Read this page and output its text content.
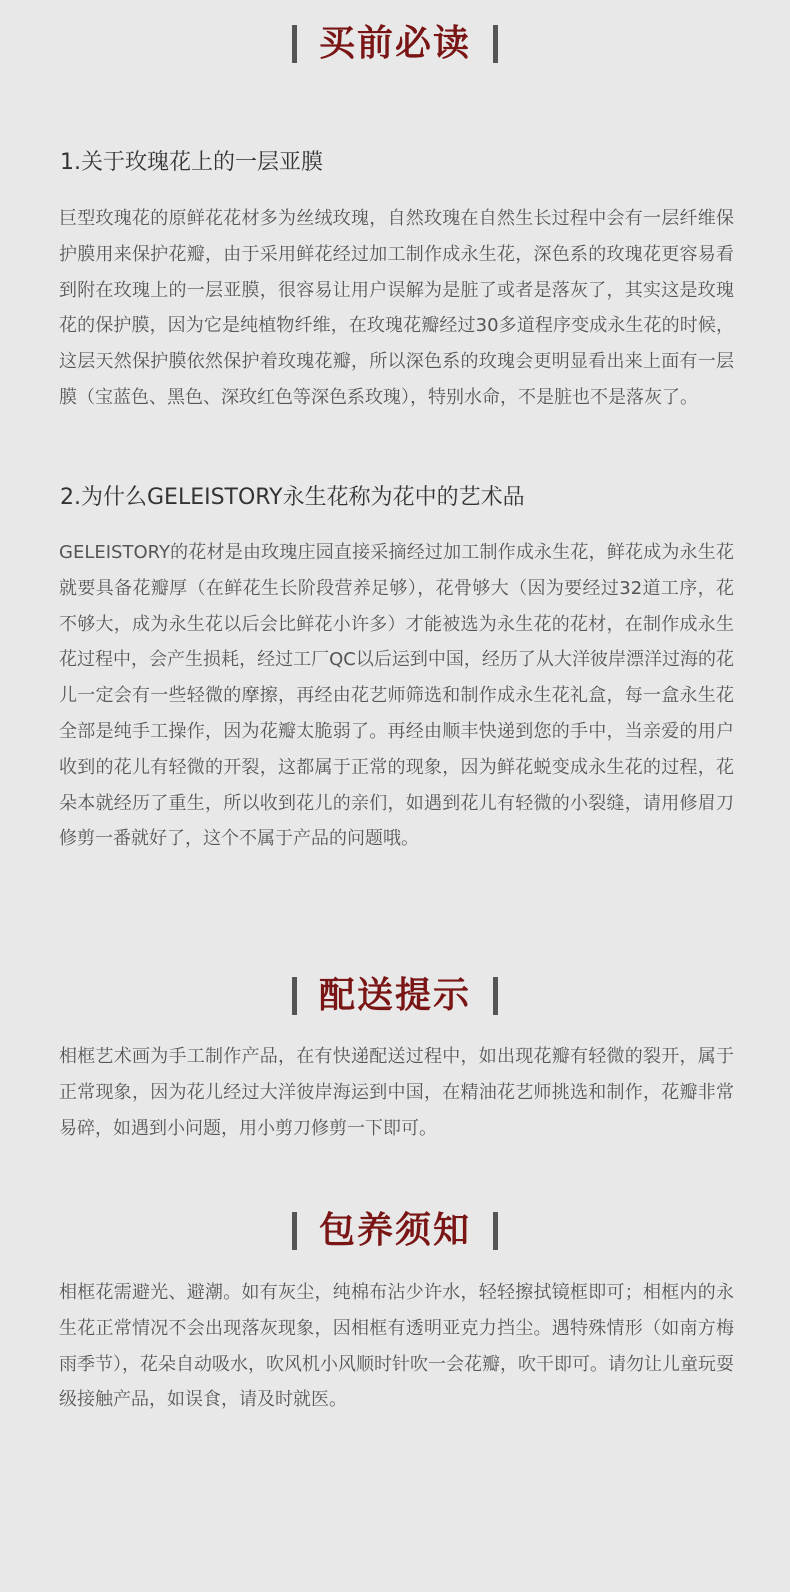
买前必读
1.关于玫瑰花上的一层亚膜

巨型玫瑰花的原鲜花花材多为丝绒玫瑰，自然玫瑰在自然生长过程中会有一层纤维保护膜用来保护花瓣，由于采用鲜花经过加工制作成永生花，深色系的玫瑰花更容易看到附在玫瑰上的一层亚膜，很容易让用户误解为是脏了或者是落灰了，其实这是玫瑰花的保护膜，因为它是纯植物纤维，在玫瑰花瓣经过30多道程序变成永生花的时候，这层天然保护膜依然保护着玫瑰花瓣，所以深色系的玫瑰会更明显看出来上面有一层膜（宝蓝色、黑色、深玫红色等深色系玫瑰），特别水命，不是脏也不是落灰了。

2.为什么GELEISTORY永生花称为花中的艺术品

GELEISTORY的花材是由玫瑰庄园直接采摘经过加工制作成永生花，鲜花成为永生花就要具备花瓣厚（在鲜花生长阶段营养足够），花骨够大（因为要经过32道工序，花不够大，成为永生花以后会比鲜花小许多）才能被选为永生花的花材，在制作成永生花过程中，会产生损耗，经过工厂QC以后运到中国，经历了从大洋彼岸漂洋过海的花儿一定会有一些轻微的摩擦，再经由花艺师筛选和制作成永生花礼盒，每一盒永生花全部是纯手工操作，因为花瓣太脆弱了。再经由顺丰快递到您的手中，当亲爱的用户收到的花儿有轻微的开裂，这都属于正常的现象，因为鲜花蜕变成永生花的过程，花朵本就经历了重生，所以收到花儿的亲们，如遇到花儿有轻微的小裂缝，请用修眉刀修剪一番就好了，这个不属于产品的问题哦。

配送提示

相框艺术画为手工制作产品，在有快递配送过程中，如出现花瓣有轻微的裂开，属于正常现象，因为花儿经过大洋彼岸海运到中国，在精油花艺师挑选和制作，花瓣非常易碎，如遇到小问题，用小剪刀修剪一下即可。

包养须知

相框花需避光、避潮。如有灰尘，纯棉布沾少许水，轻轻擦拭镜框即可；相框内的永生花正常情况不会出现落灰现象，因相框有透明亚克力挡尘。遇特殊情形（如南方梅雨季节），花朵自动吸水，吹风机小风顺时针吹一会花瓣，吹干即可。请勿让儿童玩耍级接触产品，如误食，请及时就医。
